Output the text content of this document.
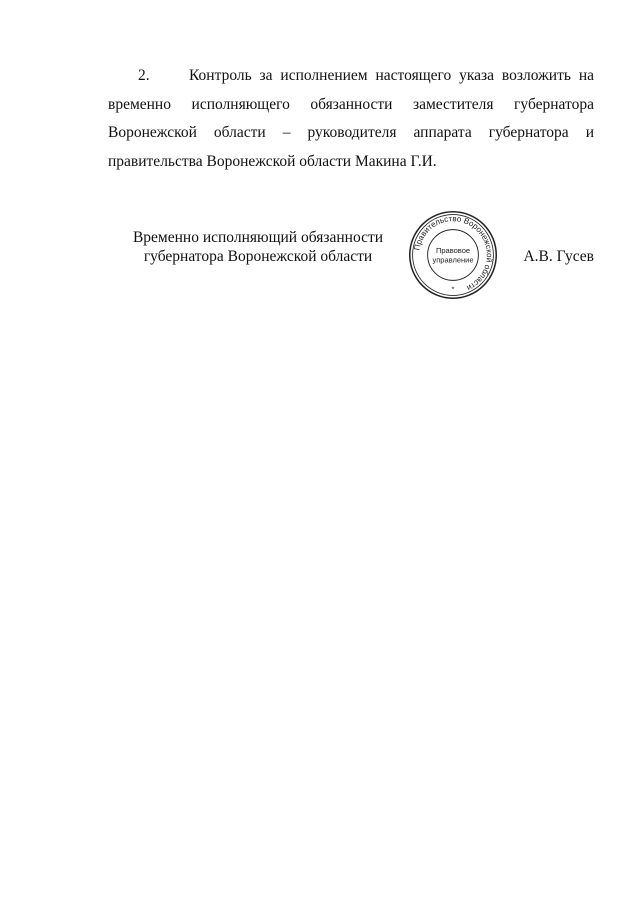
2.     Контроль за исполнением настоящего указа возложить на временно исполняющего обязанности заместителя губернатора Воронежской области – руководителя аппарата губернатора и правительства Воронежской области Макина Г.И.

Временно исполняющий обязанности
губернатора Воронежской области
Правительство Воронежской области
Правовое
управление
*
А.В. Гусев
